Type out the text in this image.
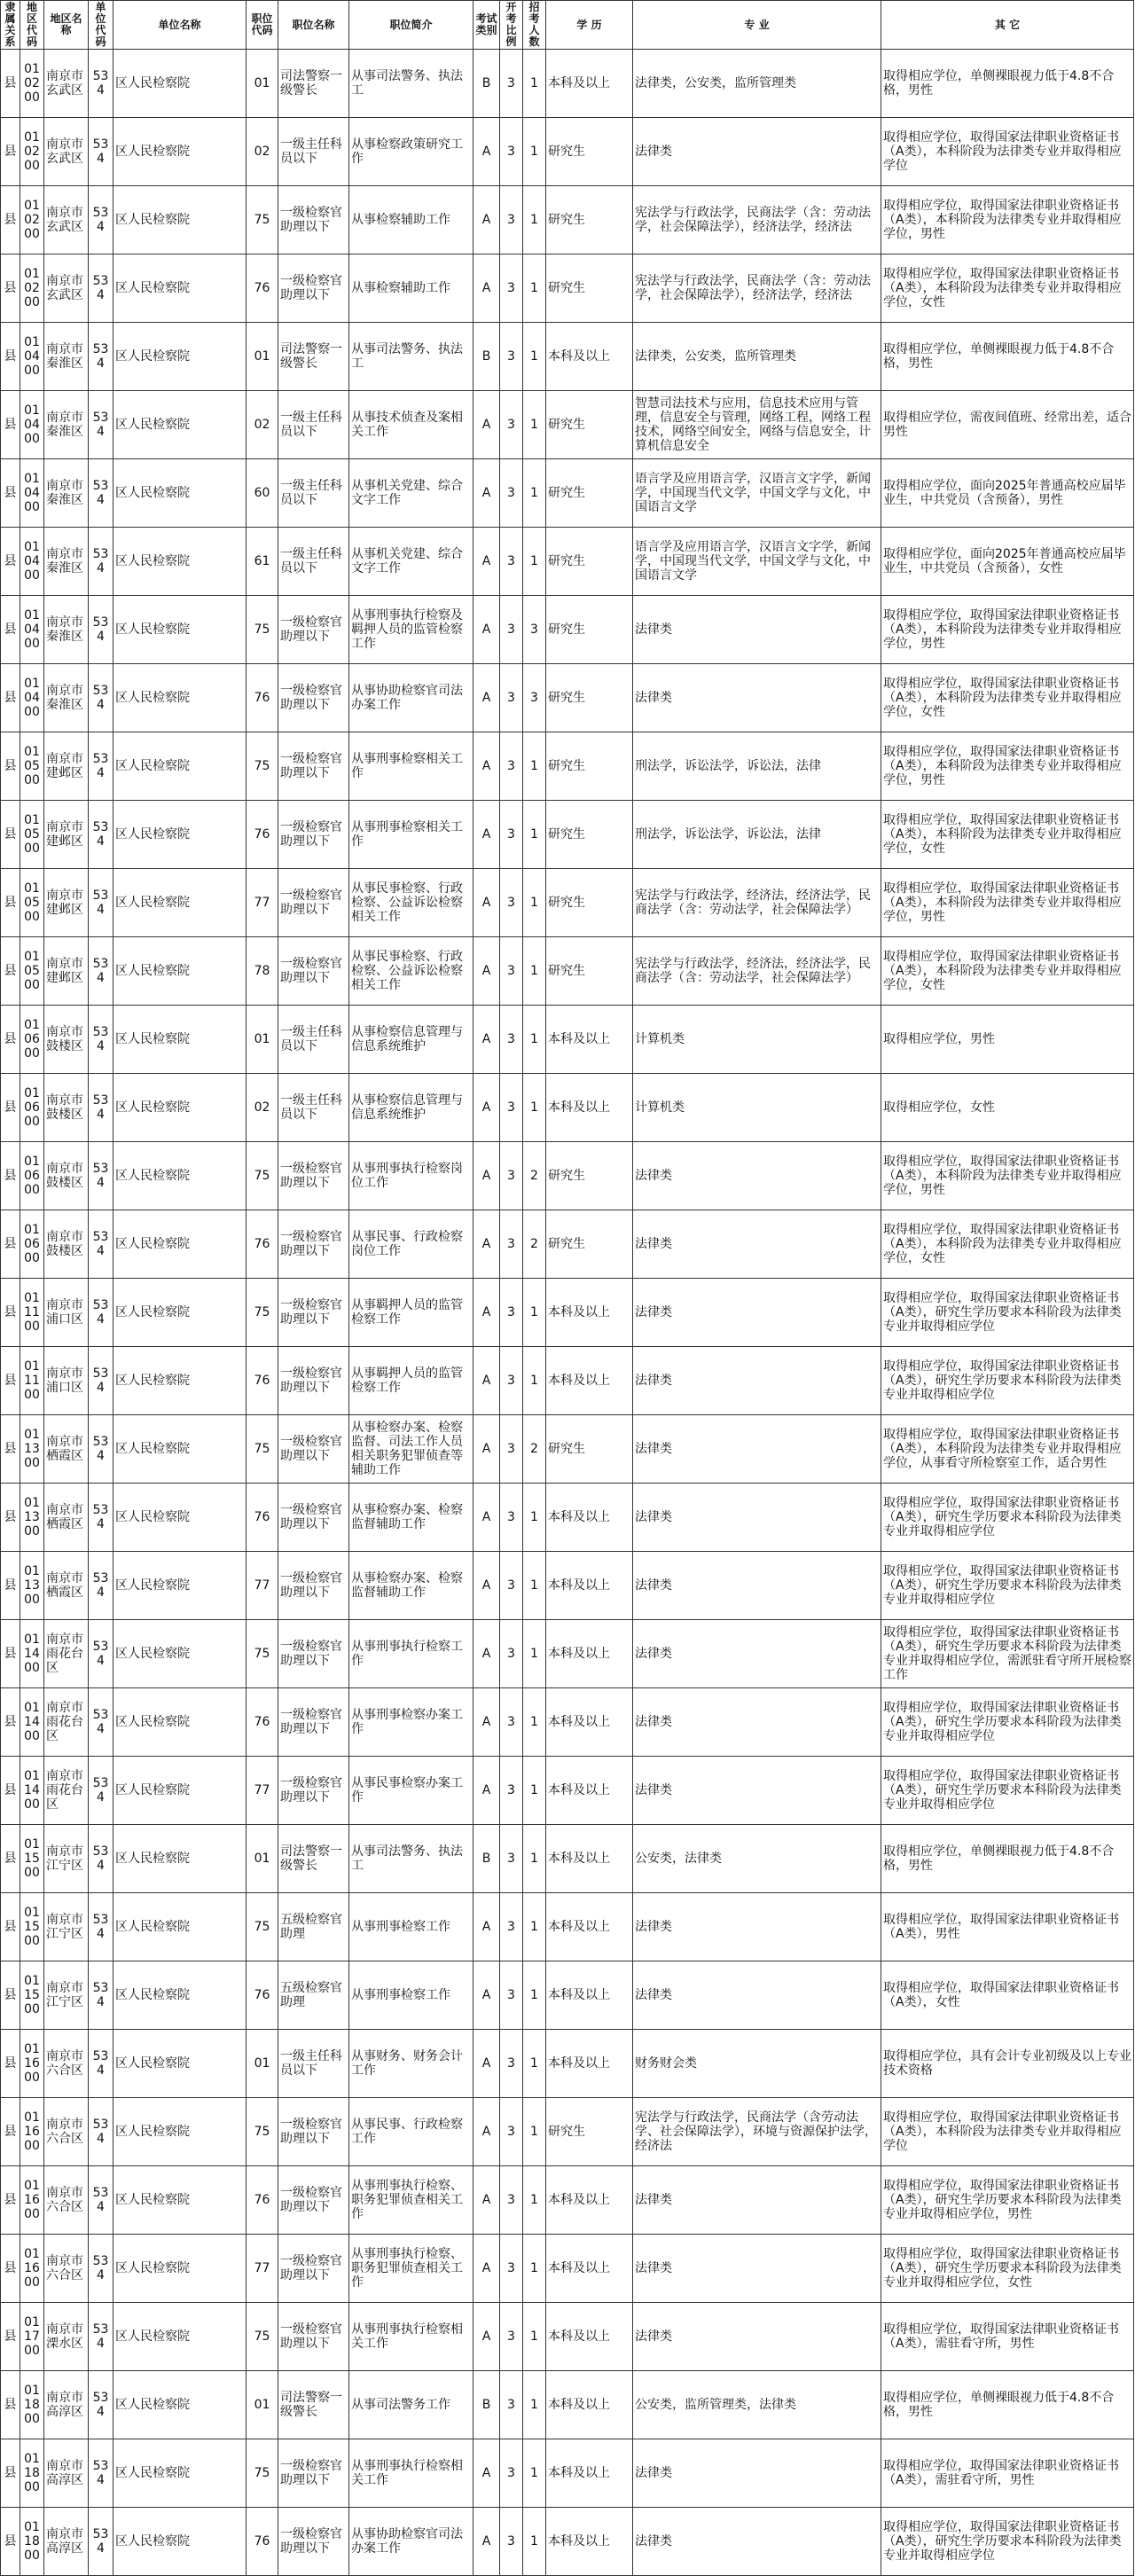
隶属关系	地区代码	地区名称	单位代码	单位名称	职位代码	职位名称	职位简介	考试类别	开考比例	招考人数	学 历	专 业	其 它
县	010200	南京市玄武区	534	区人民检察院	01	司法警察一级警长	从事司法警务、执法工	B	3	1	本科及以上	法律类，公安类，监所管理类	取得相应学位，单侧裸眼视力低于4.8不合格，男性
县	010200	南京市玄武区	534	区人民检察院	02	一级主任科员以下	从事检察政策研究工作	A	3	1	研究生	法律类	取得相应学位，取得国家法律职业资格证书（A类），本科阶段为法律类专业并取得相应学位
县	010200	南京市玄武区	534	区人民检察院	75	一级检察官助理以下	从事检察辅助工作	A	3	1	研究生	宪法学与行政法学，民商法学（含：劳动法学，社会保障法学），经济法学，经济法	取得相应学位，取得国家法律职业资格证书（A类），本科阶段为法律类专业并取得相应学位，男性
县	010200	南京市玄武区	534	区人民检察院	76	一级检察官助理以下	从事检察辅助工作	A	3	1	研究生	宪法学与行政法学，民商法学（含：劳动法学，社会保障法学），经济法学，经济法	取得相应学位，取得国家法律职业资格证书（A类），本科阶段为法律类专业并取得相应学位，女性
县	010400	南京市秦淮区	534	区人民检察院	01	司法警察一级警长	从事司法警务、执法工	B	3	1	本科及以上	法律类，公安类，监所管理类	取得相应学位，单侧裸眼视力低于4.8不合格，男性
县	010400	南京市秦淮区	534	区人民检察院	02	一级主任科员以下	从事技术侦查及案相关工作	A	3	1	研究生	智慧司法技术与应用，信息技术应用与管理，信息安全与管理，网络工程，网络工程技术，网络空间安全，网络与信息安全，计算机信息安全	取得相应学位，需夜间值班、经常出差，适合男性
县	010400	南京市秦淮区	534	区人民检察院	60	一级主任科员以下	从事机关党建、综合文字工作	A	3	1	研究生	语言学及应用语言学，汉语言文字学，新闻学，中国现当代文学，中国文学与文化，中国语言文学	取得相应学位，面向2025年普通高校应届毕业生，中共党员（含预备），男性
县	010400	南京市秦淮区	534	区人民检察院	61	一级主任科员以下	从事机关党建、综合文字工作	A	3	1	研究生	语言学及应用语言学，汉语言文字学，新闻学，中国现当代文学，中国文学与文化，中国语言文学	取得相应学位，面向2025年普通高校应届毕业生，中共党员（含预备），女性
县	010400	南京市秦淮区	534	区人民检察院	75	一级检察官助理以下	从事刑事执行检察及羁押人员的监管检察工作	A	3	3	研究生	法律类	取得相应学位，取得国家法律职业资格证书（A类），本科阶段为法律类专业并取得相应学位，男性
县	010400	南京市秦淮区	534	区人民检察院	76	一级检察官助理以下	从事协助检察官司法办案工作	A	3	3	研究生	法律类	取得相应学位，取得国家法律职业资格证书（A类），本科阶段为法律类专业并取得相应学位，女性
县	010500	南京市建邺区	534	区人民检察院	75	一级检察官助理以下	从事刑事检察相关工作	A	3	1	研究生	刑法学，诉讼法学，诉讼法，法律	取得相应学位，取得国家法律职业资格证书（A类），本科阶段为法律类专业并取得相应学位，男性
县	010500	南京市建邺区	534	区人民检察院	76	一级检察官助理以下	从事刑事检察相关工作	A	3	1	研究生	刑法学，诉讼法学，诉讼法，法律	取得相应学位，取得国家法律职业资格证书（A类），本科阶段为法律类专业并取得相应学位，女性
县	010500	南京市建邺区	534	区人民检察院	77	一级检察官助理以下	从事民事检察、行政检察、公益诉讼检察相关工作	A	3	1	研究生	宪法学与行政法学，经济法，经济法学，民商法学（含：劳动法学，社会保障法学）	取得相应学位，取得国家法律职业资格证书（A类），本科阶段为法律类专业并取得相应学位，男性
县	010500	南京市建邺区	534	区人民检察院	78	一级检察官助理以下	从事民事检察、行政检察、公益诉讼检察相关工作	A	3	1	研究生	宪法学与行政法学，经济法，经济法学，民商法学（含：劳动法学，社会保障法学）	取得相应学位，取得国家法律职业资格证书（A类），本科阶段为法律类专业并取得相应学位，女性
县	010600	南京市鼓楼区	534	区人民检察院	01	一级主任科员以下	从事检察信息管理与信息系统维护	A	3	1	本科及以上	计算机类	取得相应学位，男性
县	010600	南京市鼓楼区	534	区人民检察院	02	一级主任科员以下	从事检察信息管理与信息系统维护	A	3	1	本科及以上	计算机类	取得相应学位，女性
县	010600	南京市鼓楼区	534	区人民检察院	75	一级检察官助理以下	从事刑事执行检察岗位工作	A	3	2	研究生	法律类	取得相应学位，取得国家法律职业资格证书（A类），本科阶段为法律类专业并取得相应学位，男性
县	010600	南京市鼓楼区	534	区人民检察院	76	一级检察官助理以下	从事民事、行政检察岗位工作	A	3	2	研究生	法律类	取得相应学位，取得国家法律职业资格证书（A类），本科阶段为法律类专业并取得相应学位，女性
县	011100	南京市浦口区	534	区人民检察院	75	一级检察官助理以下	从事羁押人员的监管检察工作	A	3	1	本科及以上	法律类	取得相应学位，取得国家法律职业资格证书（A类），研究生学历要求本科阶段为法律类专业并取得相应学位
县	011100	南京市浦口区	534	区人民检察院	76	一级检察官助理以下	从事羁押人员的监管检察工作	A	3	1	本科及以上	法律类	取得相应学位，取得国家法律职业资格证书（A类），研究生学历要求本科阶段为法律类专业并取得相应学位
县	011300	南京市栖霞区	534	区人民检察院	75	一级检察官助理以下	从事检察办案、检察监督、司法工作人员相关职务犯罪侦查等辅助工作	A	3	2	研究生	法律类	取得相应学位，取得国家法律职业资格证书（A类），本科阶段为法律类专业并取得相应学位，从事看守所检察室工作，适合男性
县	011300	南京市栖霞区	534	区人民检察院	76	一级检察官助理以下	从事检察办案、检察监督辅助工作	A	3	1	本科及以上	法律类	取得相应学位，取得国家法律职业资格证书（A类），研究生学历要求本科阶段为法律类专业并取得相应学位
县	011300	南京市栖霞区	534	区人民检察院	77	一级检察官助理以下	从事检察办案、检察监督辅助工作	A	3	1	本科及以上	法律类	取得相应学位，取得国家法律职业资格证书（A类），研究生学历要求本科阶段为法律类专业并取得相应学位
县	011400	南京市雨花台区	534	区人民检察院	75	一级检察官助理以下	从事刑事执行检察工作	A	3	1	本科及以上	法律类	取得相应学位，取得国家法律职业资格证书（A类），研究生学历要求本科阶段为法律类专业并取得相应学位，需派驻看守所开展检察工作
县	011400	南京市雨花台区	534	区人民检察院	76	一级检察官助理以下	从事刑事检察办案工作	A	3	1	本科及以上	法律类	取得相应学位，取得国家法律职业资格证书（A类），研究生学历要求本科阶段为法律类专业并取得相应学位
县	011400	南京市雨花台区	534	区人民检察院	77	一级检察官助理以下	从事民事检察办案工作	A	3	1	本科及以上	法律类	取得相应学位，取得国家法律职业资格证书（A类），研究生学历要求本科阶段为法律类专业并取得相应学位
县	011500	南京市江宁区	534	区人民检察院	01	司法警察一级警长	从事司法警务、执法工	B	3	1	本科及以上	公安类，法律类	取得相应学位，单侧裸眼视力低于4.8不合格，男性
县	011500	南京市江宁区	534	区人民检察院	75	五级检察官助理	从事刑事检察工作	A	3	1	本科及以上	法律类	取得相应学位，取得国家法律职业资格证书（A类），男性
县	011500	南京市江宁区	534	区人民检察院	76	五级检察官助理	从事刑事检察工作	A	3	1	本科及以上	法律类	取得相应学位，取得国家法律职业资格证书（A类），女性
县	011600	南京市六合区	534	区人民检察院	01	一级主任科员以下	从事财务、财务会计工作	A	3	1	本科及以上	财务财会类	取得相应学位，具有会计专业初级及以上专业技术资格
县	011600	南京市六合区	534	区人民检察院	75	一级检察官助理以下	从事民事、行政检察工作	A	3	1	研究生	宪法学与行政法学，民商法学（含劳动法学、社会保障法学），环境与资源保护法学，经济法	取得相应学位，取得国家法律职业资格证书（A类），本科阶段为法律类专业并取得相应学位
县	011600	南京市六合区	534	区人民检察院	76	一级检察官助理以下	从事刑事执行检察、职务犯罪侦查相关工作	A	3	1	本科及以上	法律类	取得相应学位，取得国家法律职业资格证书（A类），研究生学历要求本科阶段为法律类专业并取得相应学位，男性
县	011600	南京市六合区	534	区人民检察院	77	一级检察官助理以下	从事刑事执行检察、职务犯罪侦查相关工作	A	3	1	本科及以上	法律类	取得相应学位，取得国家法律职业资格证书（A类），研究生学历要求本科阶段为法律类专业并取得相应学位，女性
县	011700	南京市溧水区	534	区人民检察院	75	一级检察官助理以下	从事刑事执行检察相关工作	A	3	1	本科及以上	法律类	取得相应学位，取得国家法律职业资格证书（A类），需驻看守所，男性
县	011800	南京市高淳区	534	区人民检察院	01	司法警察一级警长	从事司法警务工作	B	3	1	本科及以上	公安类，监所管理类，法律类	取得相应学位，单侧裸眼视力低于4.8不合格，男性
县	011800	南京市高淳区	534	区人民检察院	75	一级检察官助理以下	从事刑事执行检察相关工作	A	3	1	本科及以上	法律类	取得相应学位，取得国家法律职业资格证书（A类），需驻看守所，男性
县	011800	南京市高淳区	534	区人民检察院	76	一级检察官助理以下	从事协助检察官司法办案工作	A	3	1	本科及以上	法律类	取得相应学位，取得国家法律职业资格证书（A类），研究生学历要求本科阶段为法律类专业并取得相应学位
